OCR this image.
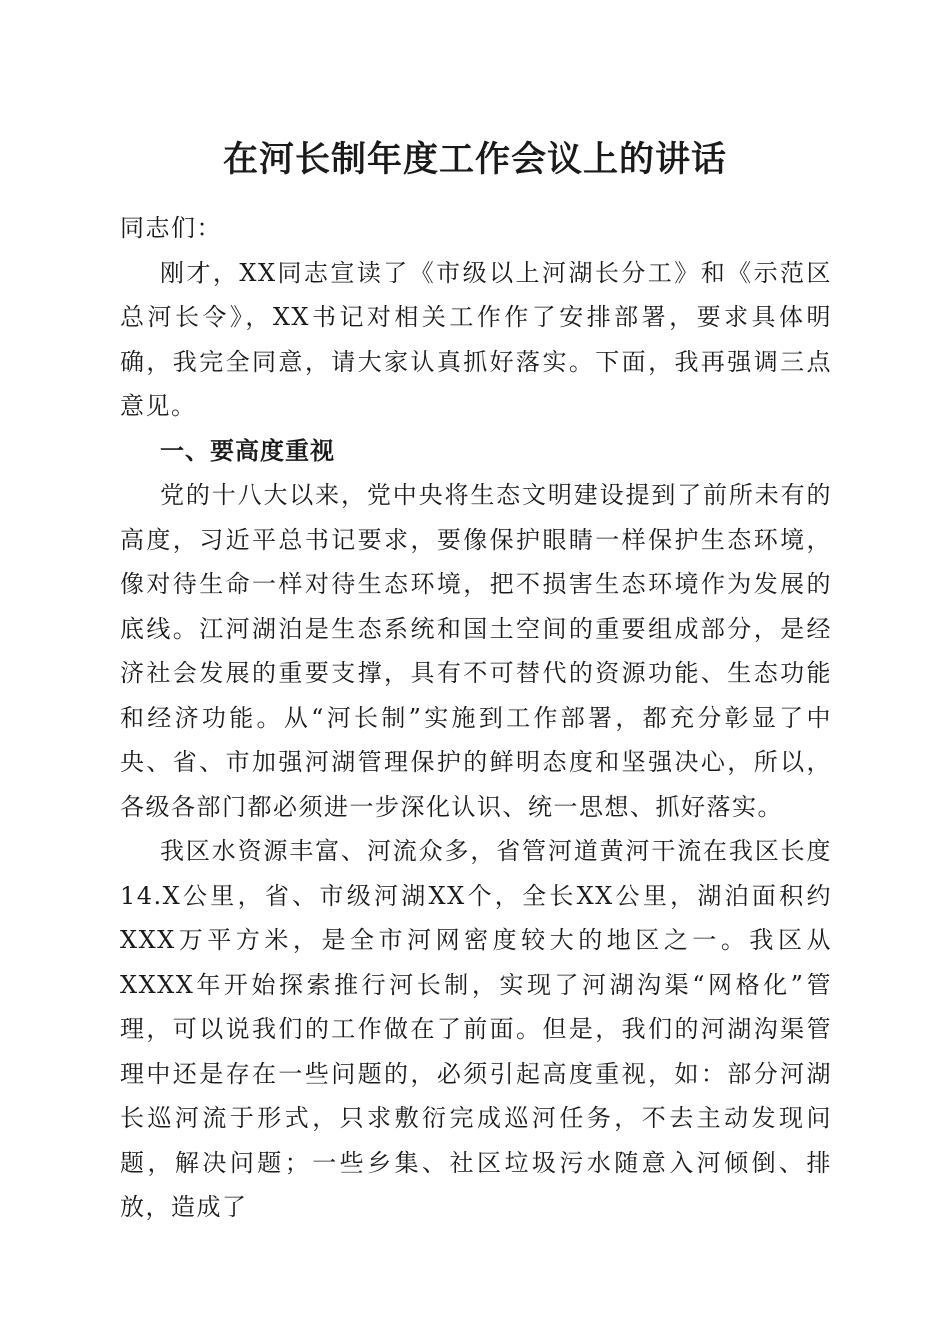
在河长制年度工作会议上的讲话

同志们：

刚才，XX同志宣读了《市级以上河湖长分工》和《示范区总河长令》，XX书记对相关工作作了安排部署，要求具体明确，我完全同意，请大家认真抓好落实。下面，我再强调三点意见。

一、要高度重视

党的十八大以来，党中央将生态文明建设提到了前所未有的高度，习近平总书记要求，要像保护眼睛一样保护生态环境，像对待生命一样对待生态环境，把不损害生态环境作为发展的底线。江河湖泊是生态系统和国土空间的重要组成部分，是经济社会发展的重要支撑，具有不可替代的资源功能、生态功能和经济功能。从“河长制”实施到工作部署，都充分彰显了中央、省、市加强河湖管理保护的鲜明态度和坚强决心，所以，各级各部门都必须进一步深化认识、统一思想、抓好落实。

我区水资源丰富、河流众多，省管河道黄河干流在我区长度14.X公里，省、市级河湖XX个，全长XX公里，湖泊面积约XXX万平方米，是全市河网密度较大的地区之一。我区从XXXX年开始探索推行河长制，实现了河湖沟渠“网格化”管理，可以说我们的工作做在了前面。但是，我们的河湖沟渠管理中还是存在一些问题的，必须引起高度重视，如：部分河湖长巡河流于形式，只求敷衍完成巡河任务，不去主动发现问题，解决问题；一些乡集、社区垃圾污水随意入河倾倒、排放，造成了
